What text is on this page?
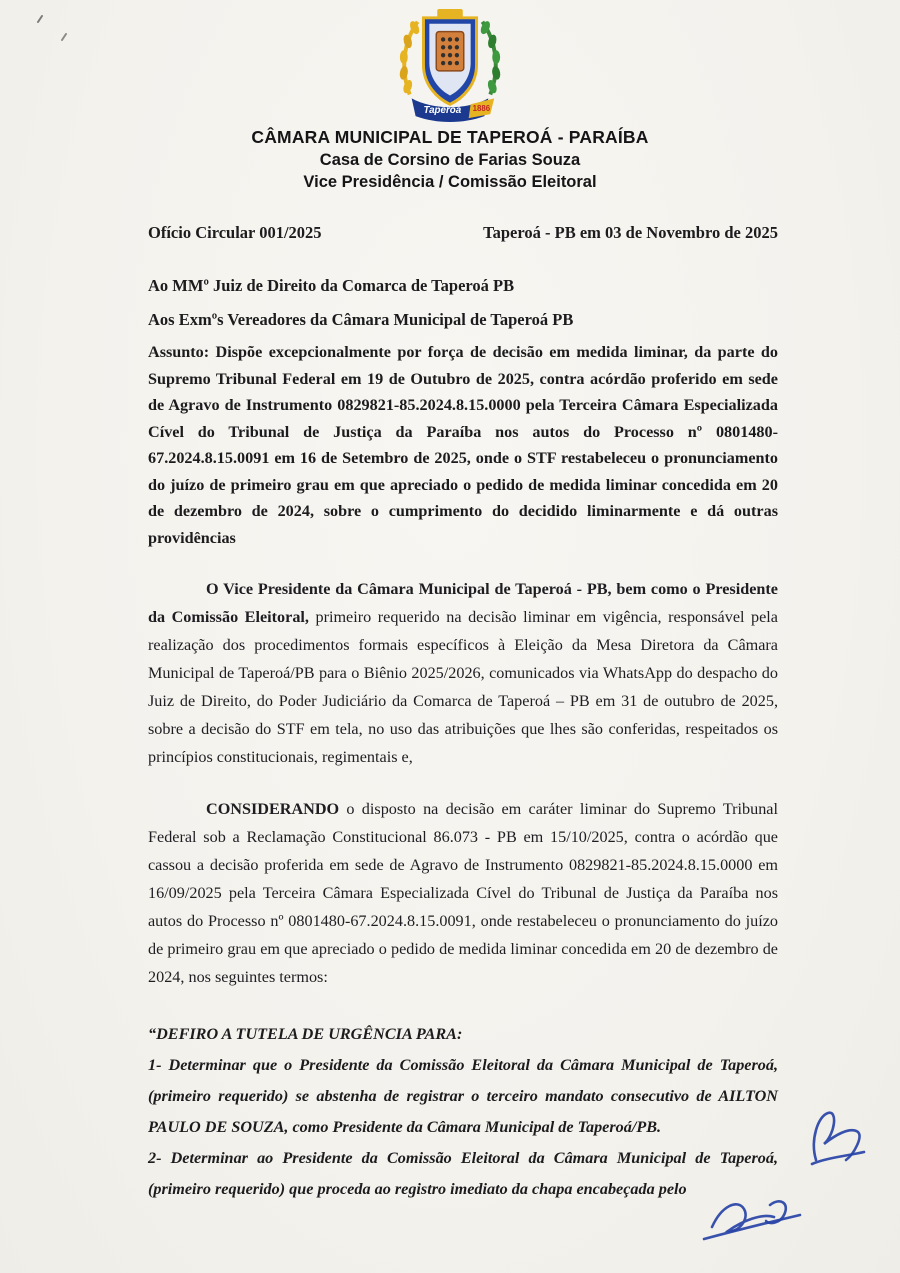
Taperoá 1886
CÂMARA MUNICIPAL DE TAPEROÁ - PARAÍBA
Casa de Corsino de Farias Souza
Vice Presidência / Comissão Eleitoral
Ofício Circular 001/2025	Taperoá - PB em 03 de Novembro de 2025

Ao MMº Juiz de Direito da Comarca de Taperoá PB

Aos Exmºs Vereadores da Câmara Municipal de Taperoá PB

Assunto: Dispõe excepcionalmente por força de decisão em medida liminar, da parte do Supremo Tribunal Federal em 19 de Outubro de 2025, contra acórdão proferido em sede de Agravo de Instrumento 0829821-85.2024.8.15.0000 pela Terceira Câmara Especializada Cível do Tribunal de Justiça da Paraíba nos autos do Processo nº 0801480-67.2024.8.15.0091 em 16 de Setembro de 2025, onde o STF restabeleceu o pronunciamento do juízo de primeiro grau em que apreciado o pedido de medida liminar concedida em 20 de dezembro de 2024, sobre o cumprimento do decidido liminarmente e dá outras providências

O Vice Presidente da Câmara Municipal de Taperoá - PB, bem como o Presidente da Comissão Eleitoral, primeiro requerido na decisão liminar em vigência, responsável pela realização dos procedimentos formais específicos à Eleição da Mesa Diretora da Câmara Municipal de Taperoá/PB para o Biênio 2025/2026, comunicados via WhatsApp do despacho do Juiz de Direito, do Poder Judiciário da Comarca de Taperoá – PB em 31 de outubro de 2025, sobre a decisão do STF em tela, no uso das atribuições que lhes são conferidas, respeitados os princípios constitucionais, regimentais e,

CONSIDERANDO o disposto na decisão em caráter liminar do Supremo Tribunal Federal sob a Reclamação Constitucional 86.073 - PB em 15/10/2025, contra o acórdão que cassou a decisão proferida em sede de Agravo de Instrumento 0829821-85.2024.8.15.0000 em 16/09/2025 pela Terceira Câmara Especializada Cível do Tribunal de Justiça da Paraíba nos autos do Processo nº 0801480-67.2024.8.15.0091, onde restabeleceu o pronunciamento do juízo de primeiro grau em que apreciado o pedido de medida liminar concedida em 20 de dezembro de 2024, nos seguintes termos:

“DEFIRO A TUTELA DE URGÊNCIA PARA:

1- Determinar que o Presidente da Comissão Eleitoral da Câmara Municipal de Taperoá, (primeiro requerido) se abstenha de registrar o terceiro mandato consecutivo de AILTON PAULO DE SOUZA, como Presidente da Câmara Municipal de Taperoá/PB.

2- Determinar ao Presidente da Comissão Eleitoral da Câmara Municipal de Taperoá, (primeiro requerido) que proceda ao registro imediato da chapa encabeçada pelo
